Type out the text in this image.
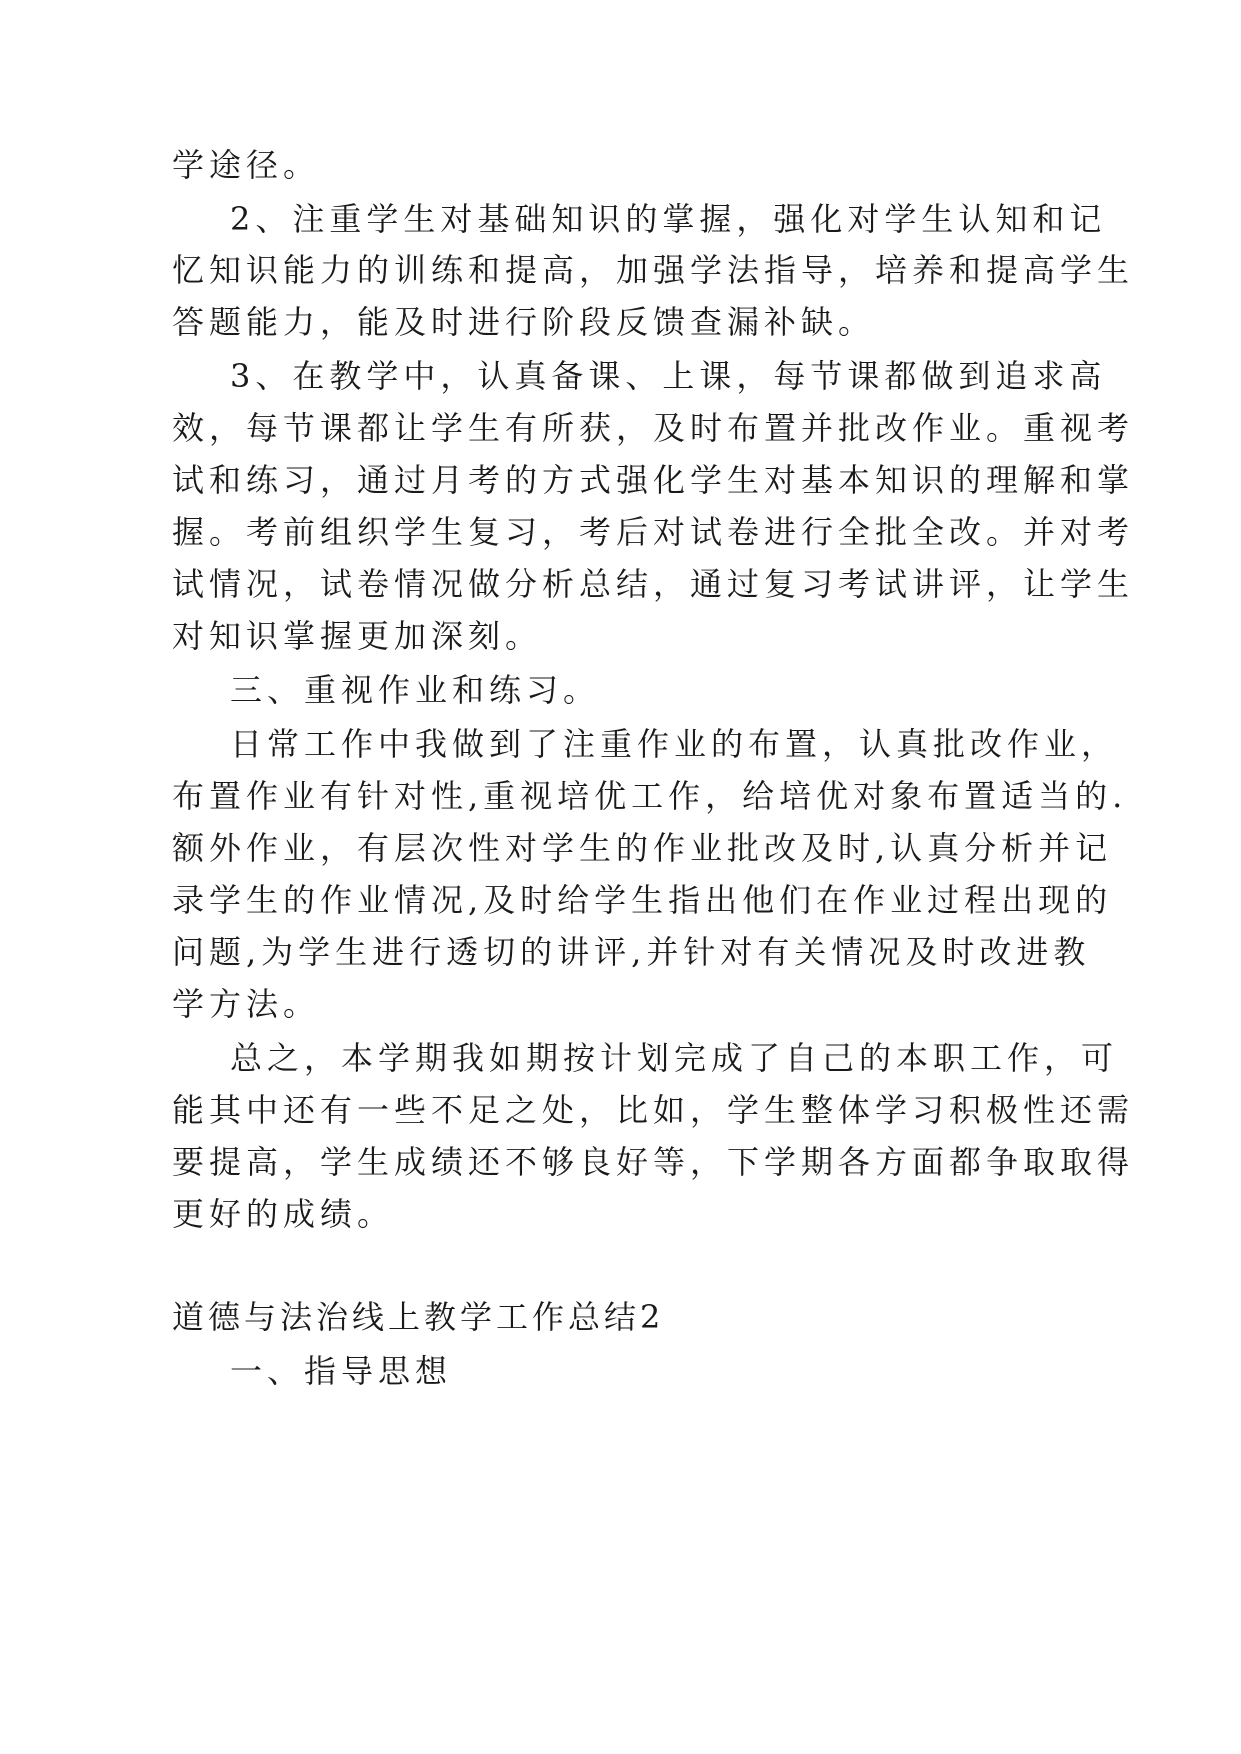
学途径。
2、注重学生对基础知识的掌握，强化对学生认知和记
忆知识能力的训练和提高，加强学法指导，培养和提高学生
答题能力，能及时进行阶段反馈查漏补缺。
3、在教学中，认真备课、上课，每节课都做到追求高
效，每节课都让学生有所获，及时布置并批改作业。重视考
试和练习，通过月考的方式强化学生对基本知识的理解和掌
握。考前组织学生复习，考后对试卷进行全批全改。并对考
试情况，试卷情况做分析总结，通过复习考试讲评，让学生
对知识掌握更加深刻。
三、重视作业和练习。
日常工作中我做到了注重作业的布置，认真批改作业，
布置作业有针对性,重视培优工作，给培优对象布置适当的.
额外作业，有层次性对学生的作业批改及时,认真分析并记
录学生的作业情况,及时给学生指出他们在作业过程出现的
问题,为学生进行透切的讲评,并针对有关情况及时改进教
学方法。
总之，本学期我如期按计划完成了自己的本职工作，可
能其中还有一些不足之处，比如，学生整体学习积极性还需
要提高，学生成绩还不够良好等，下学期各方面都争取取得
更好的成绩。
道德与法治线上教学工作总结2
一、指导思想
